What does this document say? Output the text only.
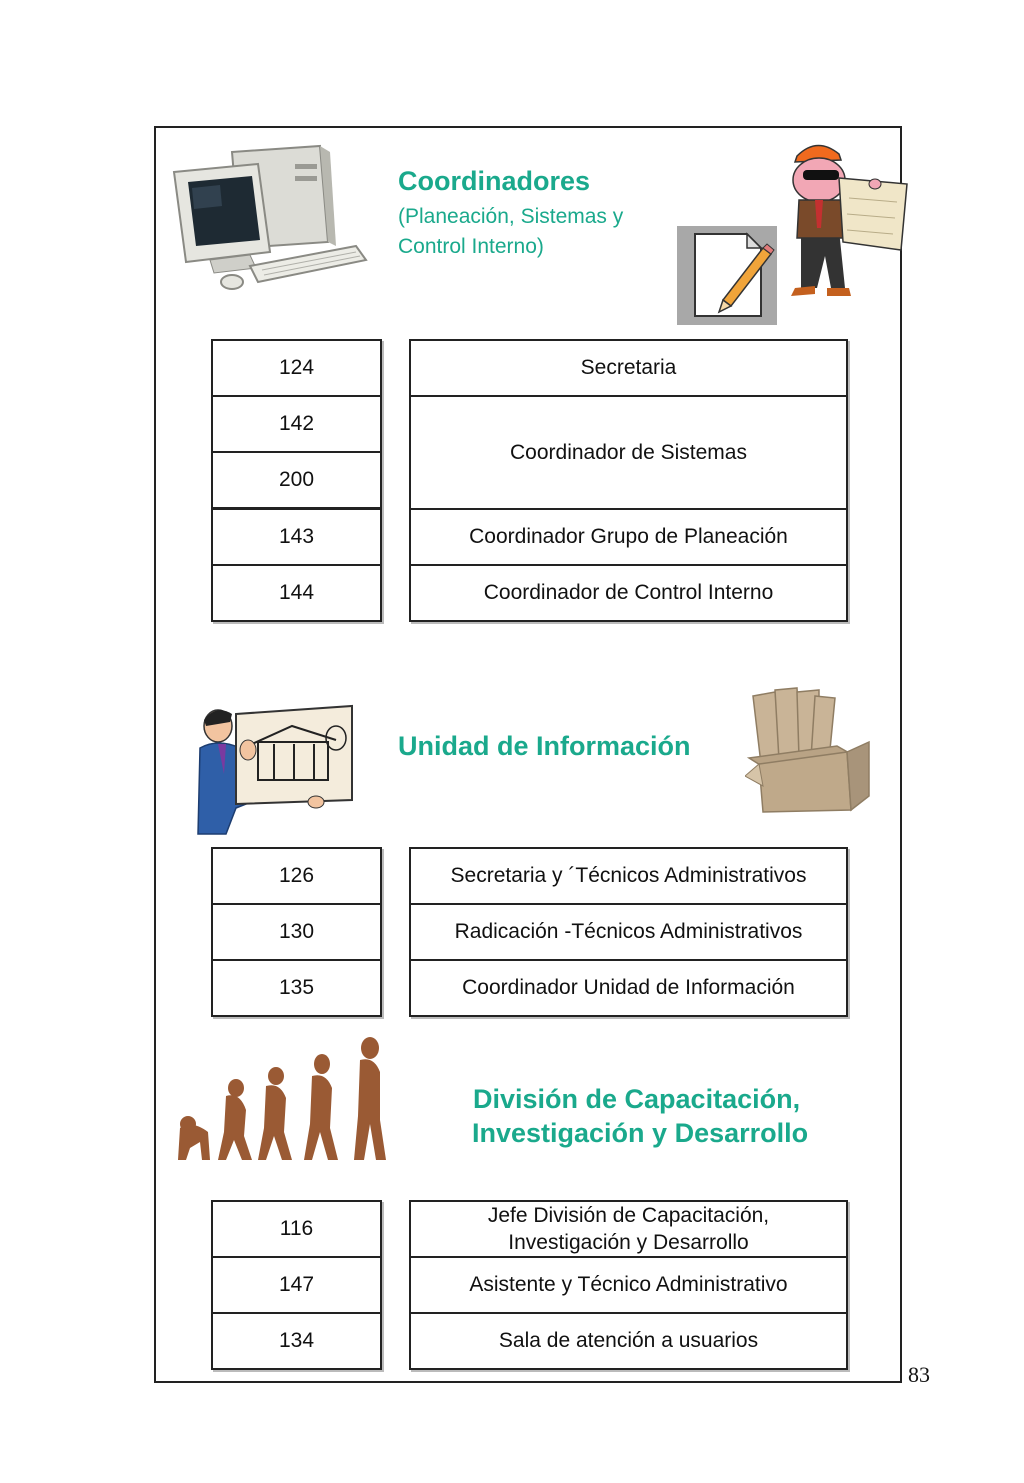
Coordinadores
(Planeación, Sistemas y
Control Interno)
124
142
200
143
144
Secretaria
Coordinador de Sistemas
Coordinador Grupo de Planeación
Coordinador de Control Interno
Unidad de Información
126
130
135
Secretaria y ´Técnicos Administrativos
Radicación -Técnicos Administrativos
Coordinador Unidad de Información
División de Capacitación,
Investigación y Desarrollo
116
147
134
Jefe División de Capacitación, Investigación y Desarrollo
Asistente y Técnico Administrativo
Sala de atención a usuarios
83
